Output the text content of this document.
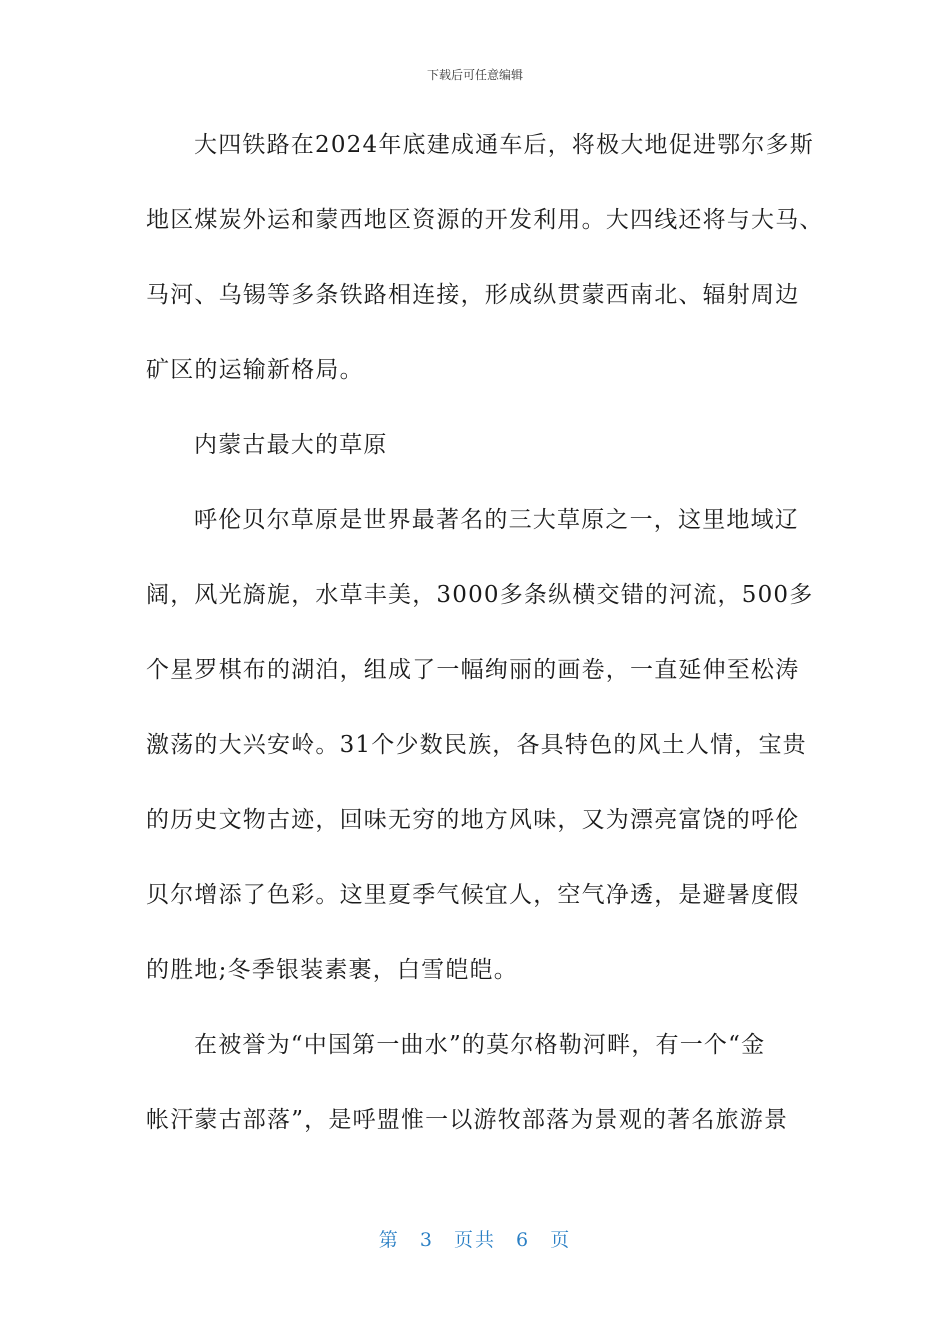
下载后可任意编辑
大四铁路在2024年底建成通车后，将极大地促进鄂尔多斯
地区煤炭外运和蒙西地区资源的开发利用。大四线还将与大马、
马河、乌锡等多条铁路相连接，形成纵贯蒙西南北、辐射周边
矿区的运输新格局。
内蒙古最大的草原
呼伦贝尔草原是世界最著名的三大草原之一，这里地域辽
阔，风光旖旎，水草丰美，3000多条纵横交错的河流，500多
个星罗棋布的湖泊，组成了一幅绚丽的画卷，一直延伸至松涛
激荡的大兴安岭。31个少数民族，各具特色的风土人情，宝贵
的历史文物古迹，回味无穷的地方风味，又为漂亮富饶的呼伦
贝尔增添了色彩。这里夏季气候宜人，空气净透，是避暑度假
的胜地;冬季银装素裹，白雪皑皑。
在被誉为“中国第一曲水”的莫尔格勒河畔，有一个“金
帐汗蒙古部落”，是呼盟惟一以游牧部落为景观的著名旅游景
第 3 页共 6 页
